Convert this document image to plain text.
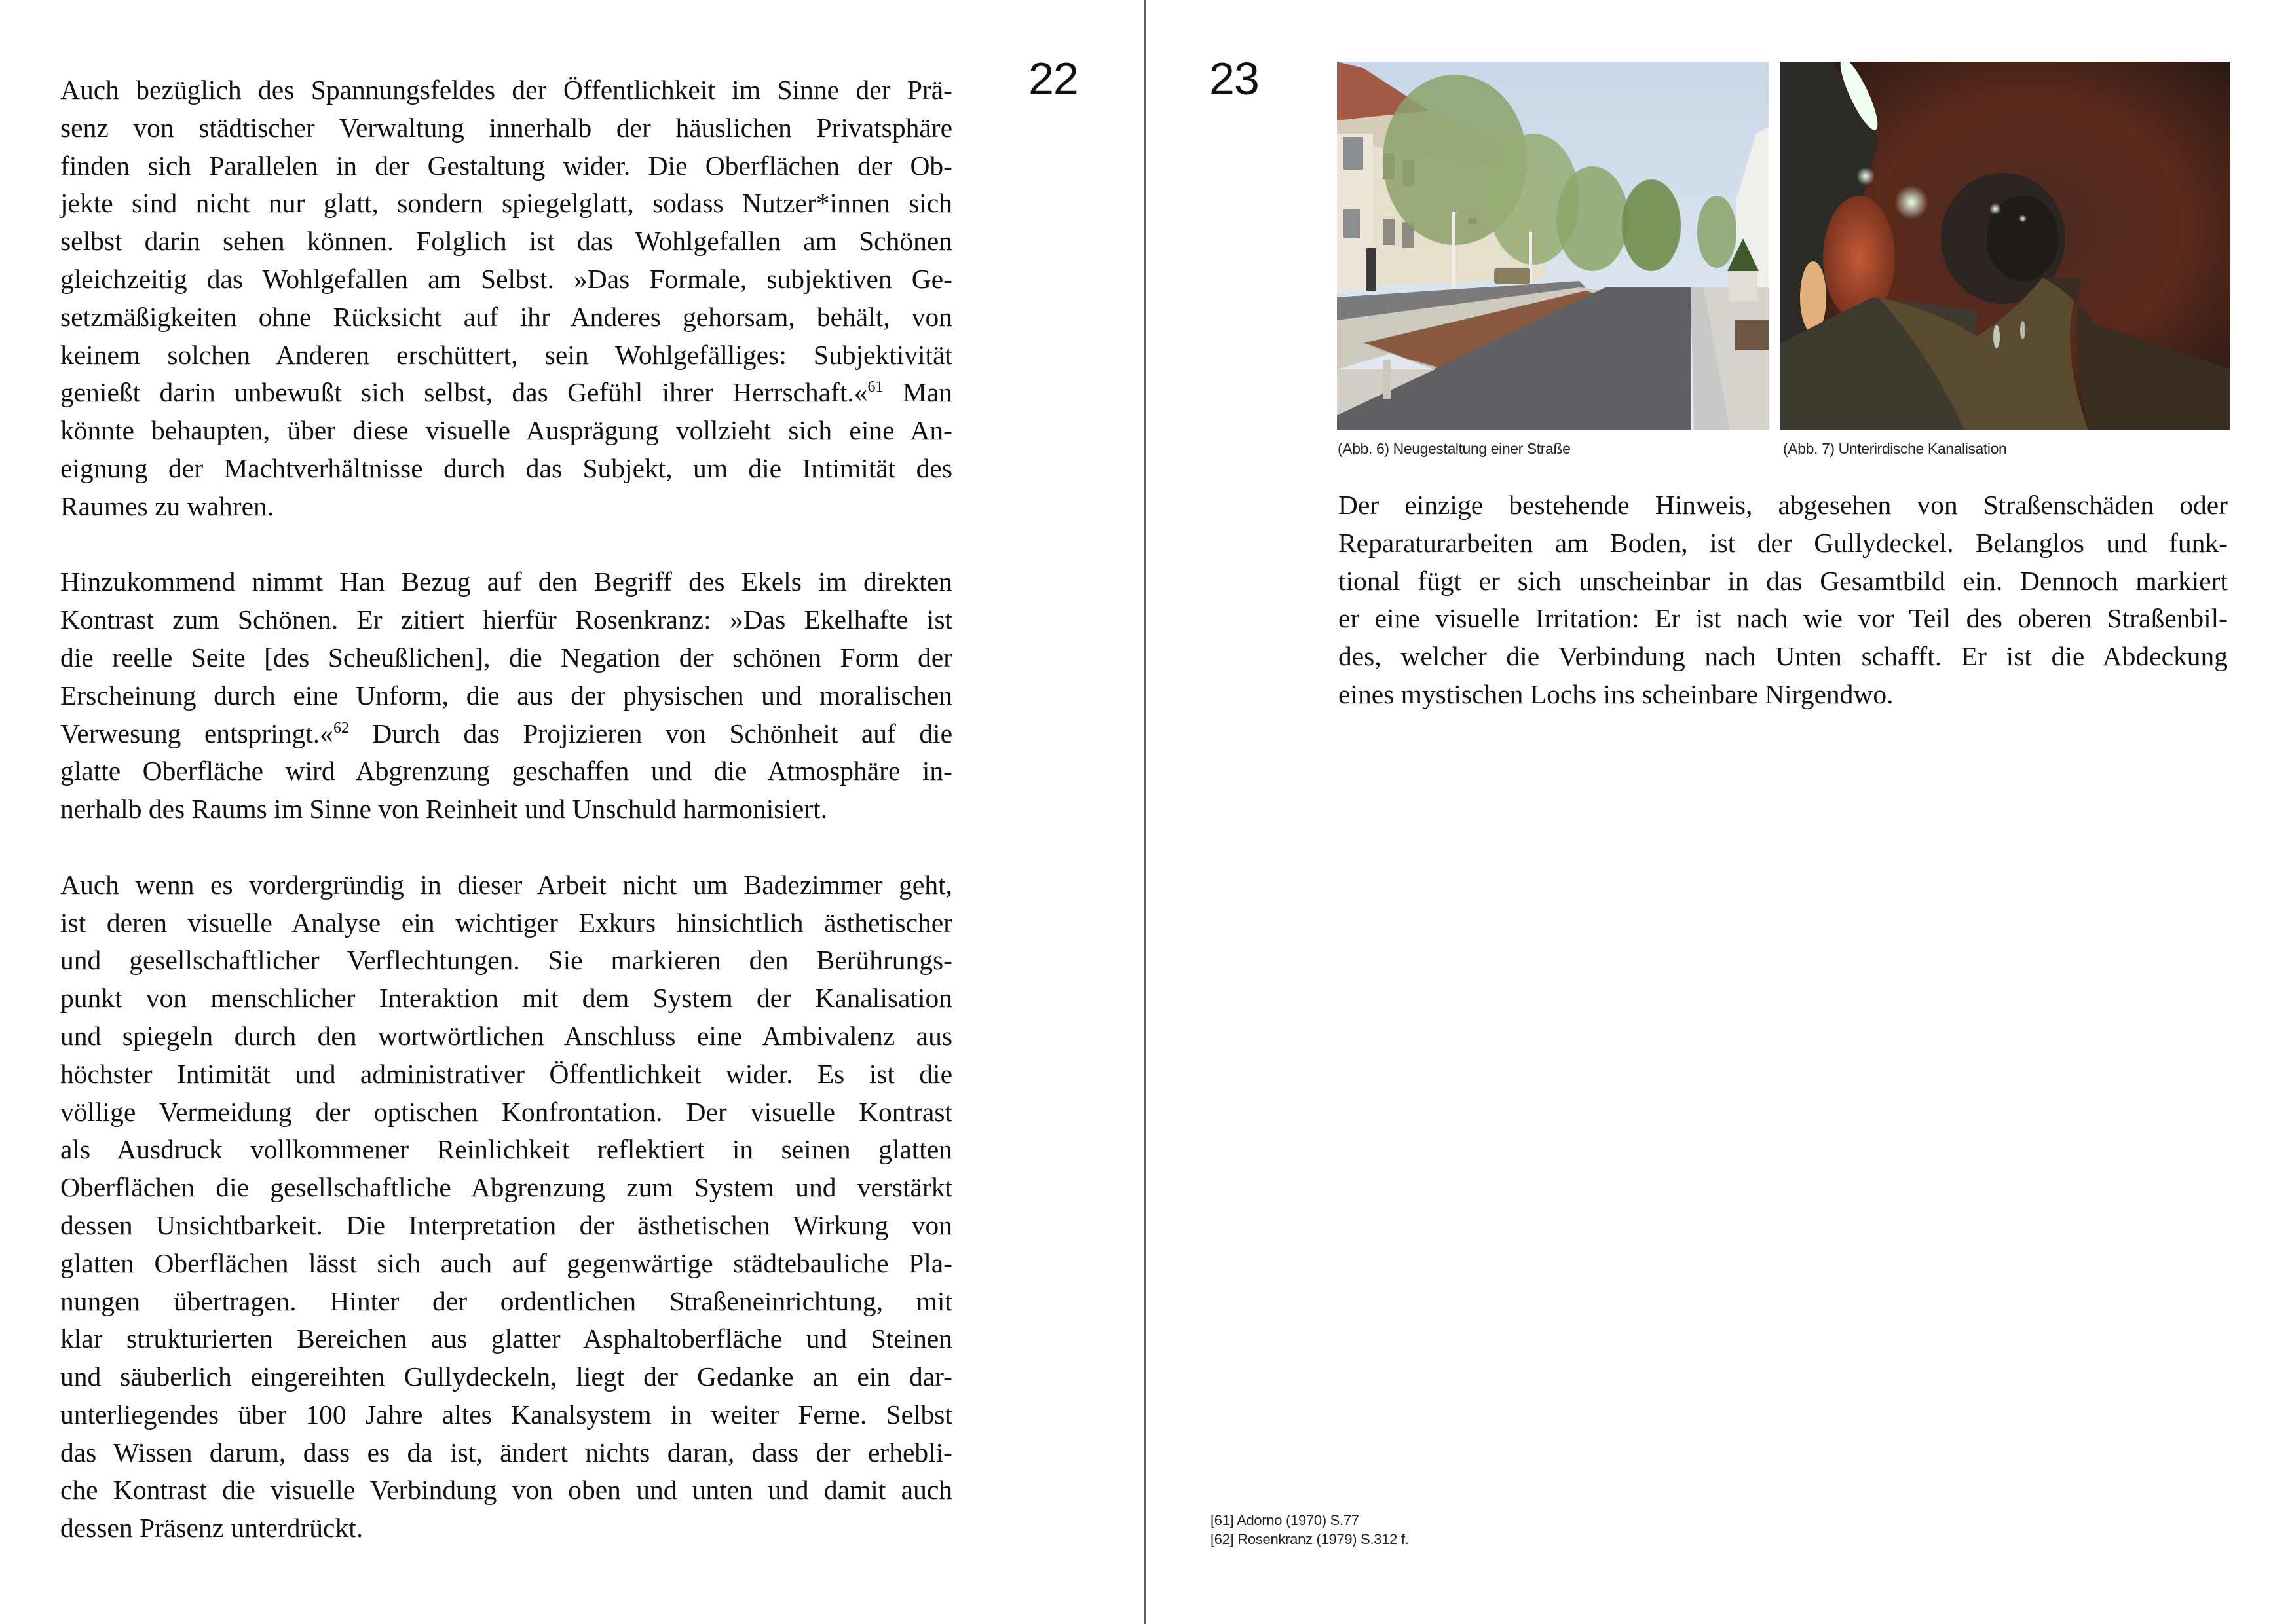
22

Auch bezüglich des Spannungsfeldes der Öffentlichkeit im Sinne der Prä-
senz von städtischer Verwaltung innerhalb der häuslichen Privatsphäre
finden sich Parallelen in der Gestaltung wider. Die Oberflächen der Ob-
jekte sind nicht nur glatt, sondern spiegelglatt, sodass Nutzer*innen sich
selbst darin sehen können. Folglich ist das Wohlgefallen am Schönen
gleichzeitig das Wohlgefallen am Selbst. »Das Formale, subjektiven Ge-
setzmäßigkeiten ohne Rücksicht auf ihr Anderes gehorsam, behält, von
keinem solchen Anderen erschüttert, sein Wohlgefälliges: Subjektivität
genießt darin unbewußt sich selbst, das Gefühl ihrer Herrschaft.«$^{61}$ Man
könnte behaupten, über diese visuelle Ausprägung vollzieht sich eine An-
eignung der Machtverhältnisse durch das Subjekt, um die Intimität des
Raumes zu wahren.

Hinzukommend nimmt Han Bezug auf den Begriff des Ekels im direkten
Kontrast zum Schönen. Er zitiert hierfür Rosenkranz: »Das Ekelhafte ist
die reelle Seite [des Scheußlichen], die Negation der schönen Form der
Erscheinung durch eine Unform, die aus der physischen und moralischen
Verwesung entspringt.«$^{62}$ Durch das Projizieren von Schönheit auf die
glatte Oberfläche wird Abgrenzung geschaffen und die Atmosphäre in-
nerhalb des Raums im Sinne von Reinheit und Unschuld harmonisiert.

Auch wenn es vordergründig in dieser Arbeit nicht um Badezimmer geht,
ist deren visuelle Analyse ein wichtiger Exkurs hinsichtlich ästhetischer
und gesellschaftlicher Verflechtungen. Sie markieren den Berührungs-
punkt von menschlicher Interaktion mit dem System der Kanalisation
und spiegeln durch den wortwörtlichen Anschluss eine Ambivalenz aus
höchster Intimität und administrativer Öffentlichkeit wider. Es ist die
völlige Vermeidung der optischen Konfrontation. Der visuelle Kontrast
als Ausdruck vollkommener Reinlichkeit reflektiert in seinen glatten
Oberflächen die gesellschaftliche Abgrenzung zum System und verstärkt
dessen Unsichtbarkeit. Die Interpretation der ästhetischen Wirkung von
glatten Oberflächen lässt sich auch auf gegenwärtige städtebauliche Pla-
nungen übertragen. Hinter der ordentlichen Straßeneinrichtung, mit
klar strukturierten Bereichen aus glatter Asphaltoberfläche und Steinen
und säuberlich eingereihten Gullydeckeln, liegt der Gedanke an ein dar-
unterliegendes über 100 Jahre altes Kanalsystem in weiter Ferne. Selbst
das Wissen darum, dass es da ist, ändert nichts daran, dass der erhebli-
che Kontrast die visuelle Verbindung von oben und unten und damit auch
dessen Präsenz unterdrückt.

23
(Abb. 6) Neugestaltung einer Straße	(Abb. 7) Unterirdische Kanalisation

Der einzige bestehende Hinweis, abgesehen von Straßenschäden oder
Reparaturarbeiten am Boden, ist der Gullydeckel. Belanglos und funk-
tional fügt er sich unscheinbar in das Gesamtbild ein. Dennoch markiert
er eine visuelle Irritation: Er ist nach wie vor Teil des oberen Straßenbil-
des, welcher die Verbindung nach Unten schafft. Er ist die Abdeckung
eines mystischen Lochs ins scheinbare Nirgendwo.

[61] Adorno (1970) S.77
[62] Rosenkranz (1979) S.312 f.
